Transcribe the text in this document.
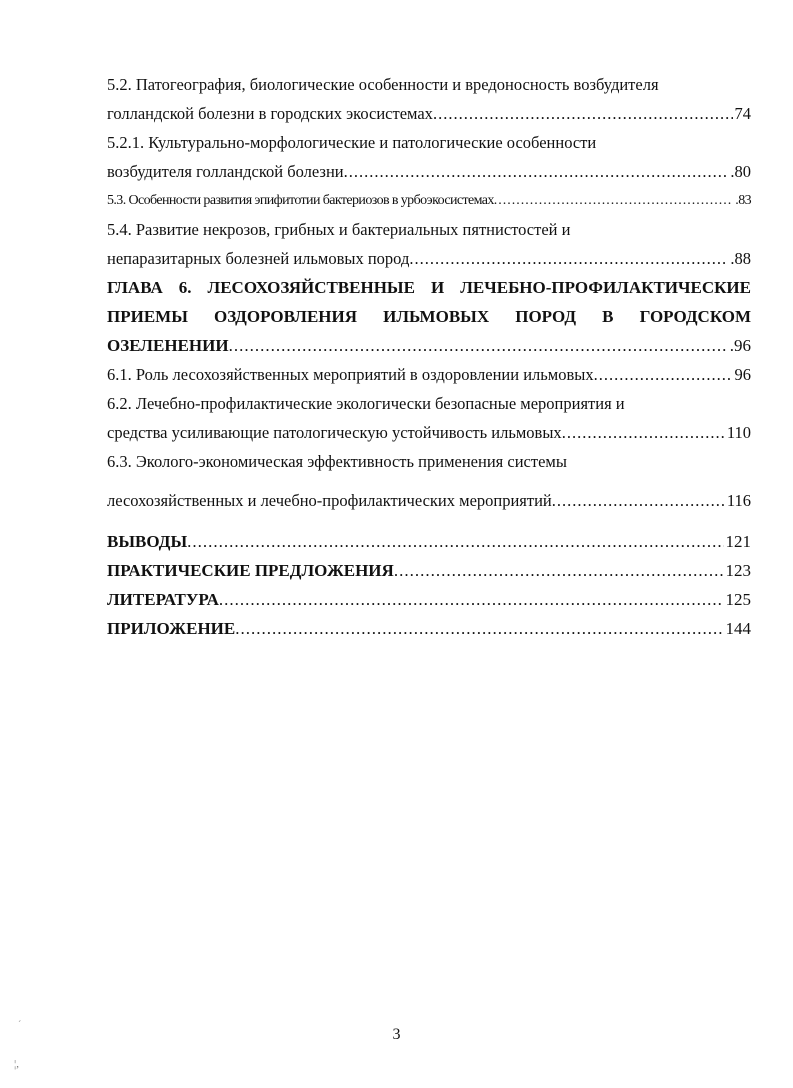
5.2. Патогеография, биологические особенности и вредоносность возбудителя
голландской болезни в городских экосистемах .....	74
5.2.1. Культурально-морфологические и патологические особенности
возбудителя голландской болезни .....	.80
5.3. Особенности развития эпифитотии бактериозов в урбоэкосистемах .....	.83
5.4. Развитие некрозов, грибных и бактериальных пятнистостей и
непаразитарных болезней ильмовых пород .....	.88
ГЛАВА 6. ЛЕСОХОЗЯЙСТВЕННЫЕ И ЛЕЧЕБНО-ПРОФИЛАКТИЧЕСКИЕ
ПРИЕМЫ ОЗДОРОВЛЕНИЯ ИЛЬМОВЫХ ПОРОД В ГОРОДСКОМ
ОЗЕЛЕНЕНИИ .....	.96
6.1. Роль лесохозяйственных мероприятий в оздоровлении ильмовых .....	96
6.2. Лечебно-профилактические экологически безопасные мероприятия и
средства усиливающие патологическую устойчивость ильмовых .....	110
6.3. Эколого-экономическая эффективность применения системы
лесохозяйственных и лечебно-профилактических мероприятий .....	116
ВЫВОДЫ .....	121
ПРАКТИЧЕСКИЕ ПРЕДЛОЖЕНИЯ .....	123
ЛИТЕРАТУРА .....	125
ПРИЛОЖЕНИЕ .....	144
ˊ
3
¦,
